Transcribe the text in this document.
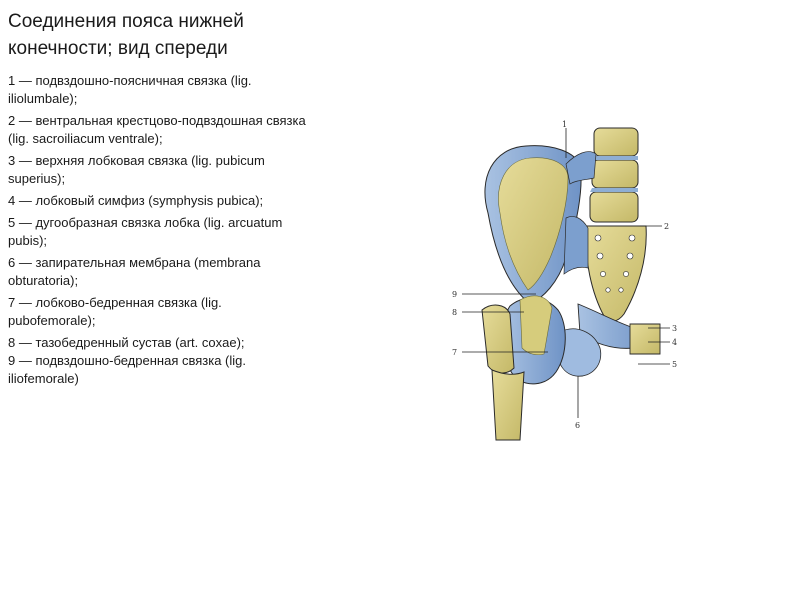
Соединения пояса нижней конечности; вид спереди
1 — подвздошно-поясничная связка (lig. iliolumbale);
2 — вентральная крестцово-подвздошная связка (lig. sacroiliacum ventrale);
3 — верхняя лобковая связка (lig. pubicum superius);
4 — лобковый симфиз (symphysis pubica);
5 — дугообразная связка лобка (lig. arcuatum pubis);
6 — запирательная мембрана (membrana obturatoria);
7 — лобково-бедренная связка (lig. pubofemorale);
8 — тазобедренный сустав (art. coxae);
9 — подвздошно-бедренная связка (lig. iliofemorale)
1
2
3
4
5
6
7
8
9
